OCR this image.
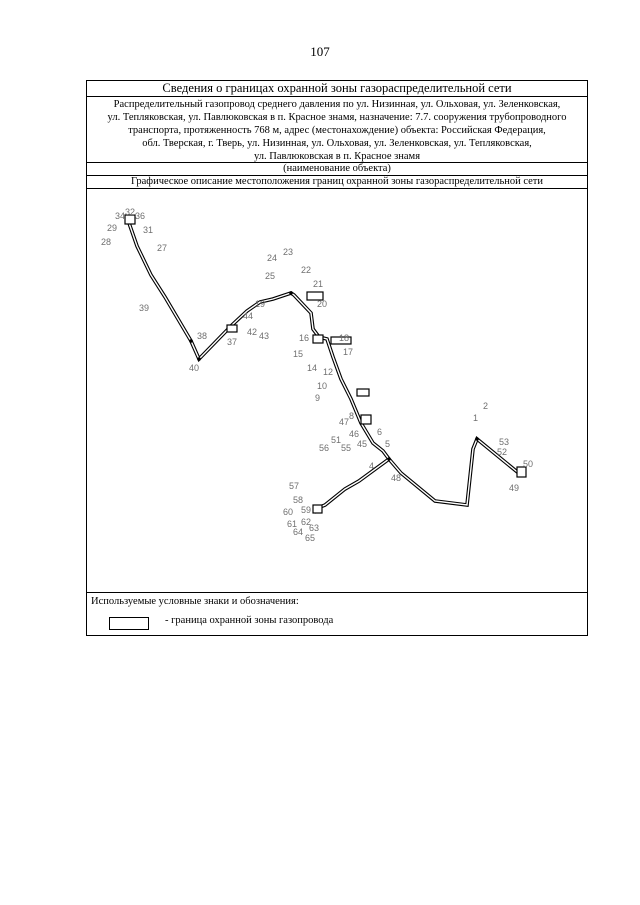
107
Сведения о границах охранной зоны газораспределительной сети
Распределительный газопровод среднего давления по ул. Низинная, ул. Ольховая, ул. Зеленковская,
ул. Тепляковская, ул. Павлюковская в п. Красное знамя, назначение: 7.7. сооружения трубопроводного
транспорта, протяженность 768 м, адрес (местонахождение) объекта: Российская Федерация,
обл. Тверская, г. Тверь, ул. Низинная, ул. Ольховая, ул. Зеленковская, ул. Тепляковская,
ул. Павлюковская в п. Красное знамя
(наименование объекта)
Графическое описание местоположения границ охранной зоны газораспределительной сети
34 32 36
31
29
28
27
39
38
37
44
42 43
40
25
24
23
22
21
20
19
18
17
16
15
14 12
10
9
8
6
5
4
2
1
53
52
50
49
48
47
46
45
51
55
56
57
58
59
60
61 62
63
64
65
Используемые условные знаки и обозначения:
- граница охранной зоны газопровода
